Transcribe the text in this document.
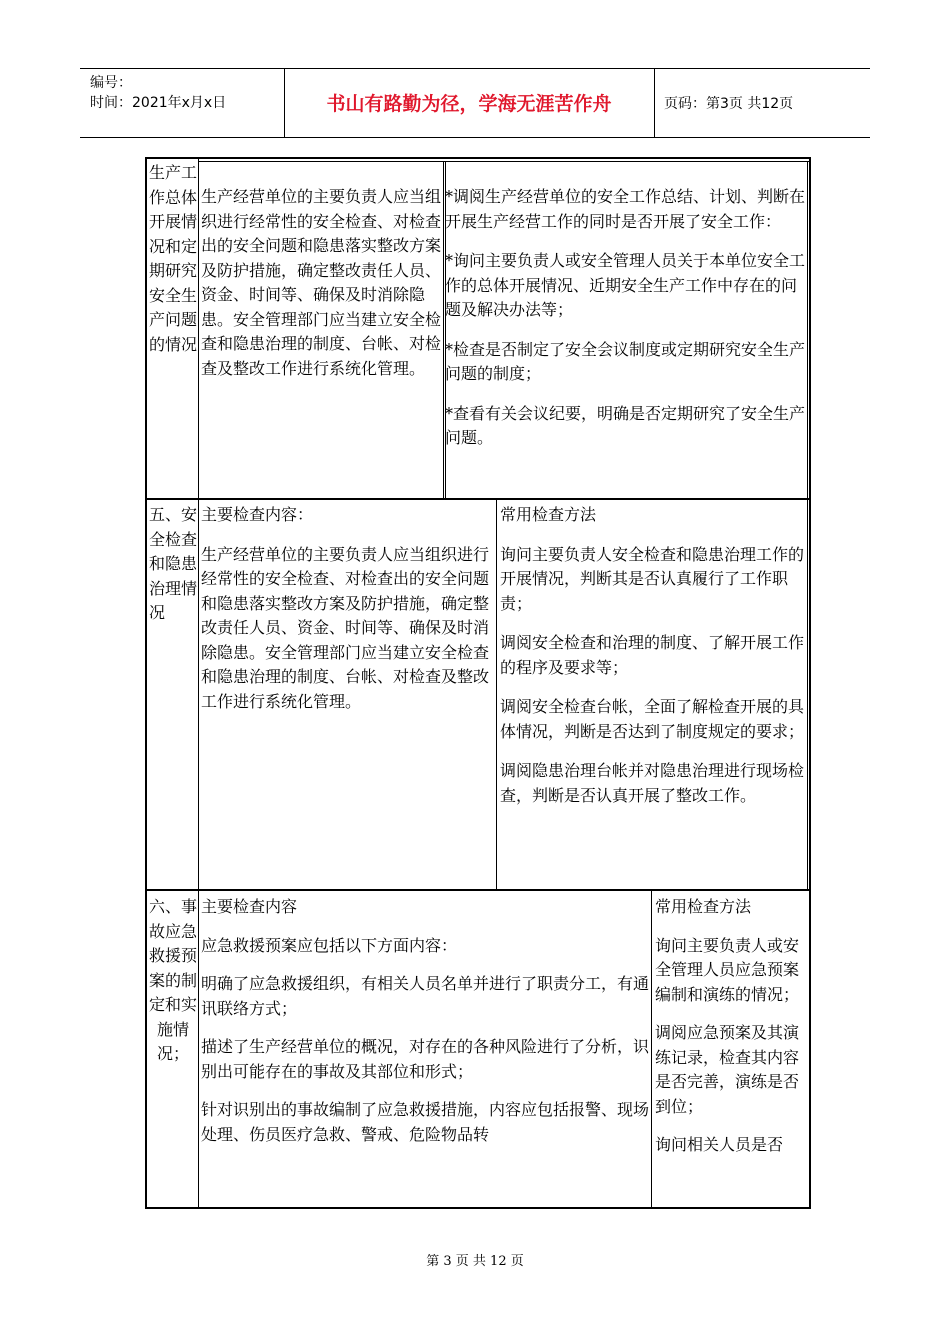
编号：
时间：2021年x月x日	书山有路勤为径，学海无涯苦作舟	页码：第3页 共12页
生产工作总体开展情况和定期研究安全生产问题的情况
生产经营单位的主要负责人应当组织进行经常性的安全检查、对检查出的安全问题和隐患落实整改方案及防护措施，确定整改责任人员、资金、时间等、确保及时消除隐患。安全管理部门应当建立安全检查和隐患治理的制度、台帐、对检查及整改工作进行系统化管理。

*调阅生产经营单位的安全工作总结、计划、判断在开展生产经营工作的同时是否开展了安全工作：

*询问主要负责人或安全管理人员关于本单位安全工作的总体开展情况、近期安全生产工作中存在的问题及解决办法等；

*检查是否制定了安全会议制度或定期研究安全生产问题的制度；

*查看有关会议纪要，明确是否定期研究了安全生产问题。

五、安全检查和隐患治理情况

主要检查内容：

生产经营单位的主要负责人应当组织进行经常性的安全检查、对检查出的安全问题和隐患落实整改方案及防护措施，确定整改责任人员、资金、时间等、确保及时消除隐患。安全管理部门应当建立安全检查和隐患治理的制度、台帐、对检查及整改工作进行系统化管理。

常用检查方法

询问主要负责人安全检查和隐患治理工作的开展情况，判断其是否认真履行了工作职责；

调阅安全检查和治理的制度、了解开展工作的程序及要求等；

调阅安全检查台帐，全面了解检查开展的具体情况，判断是否达到了制度规定的要求；

调阅隐患治理台帐并对隐患治理进行现场检查，判断是否认真开展了整改工作。

六、事故应急救援预案的制定和实施情况；

主要检查内容

应急救援预案应包括以下方面内容：

明确了应急救援组织，有相关人员名单并进行了职责分工，有通讯联络方式；

描述了生产经营单位的概况，对存在的各种风险进行了分析，识别出可能存在的事故及其部位和形式；

针对识别出的事故编制了应急救援措施，内容应包括报警、现场处理、伤员医疗急救、警戒、危险物品转

常用检查方法

询问主要负责人或安全管理人员应急预案编制和演练的情况；

调阅应急预案及其演练记录，检查其内容是否完善，演练是否到位；

询问相关人员是否

第 3 页 共 12 页
